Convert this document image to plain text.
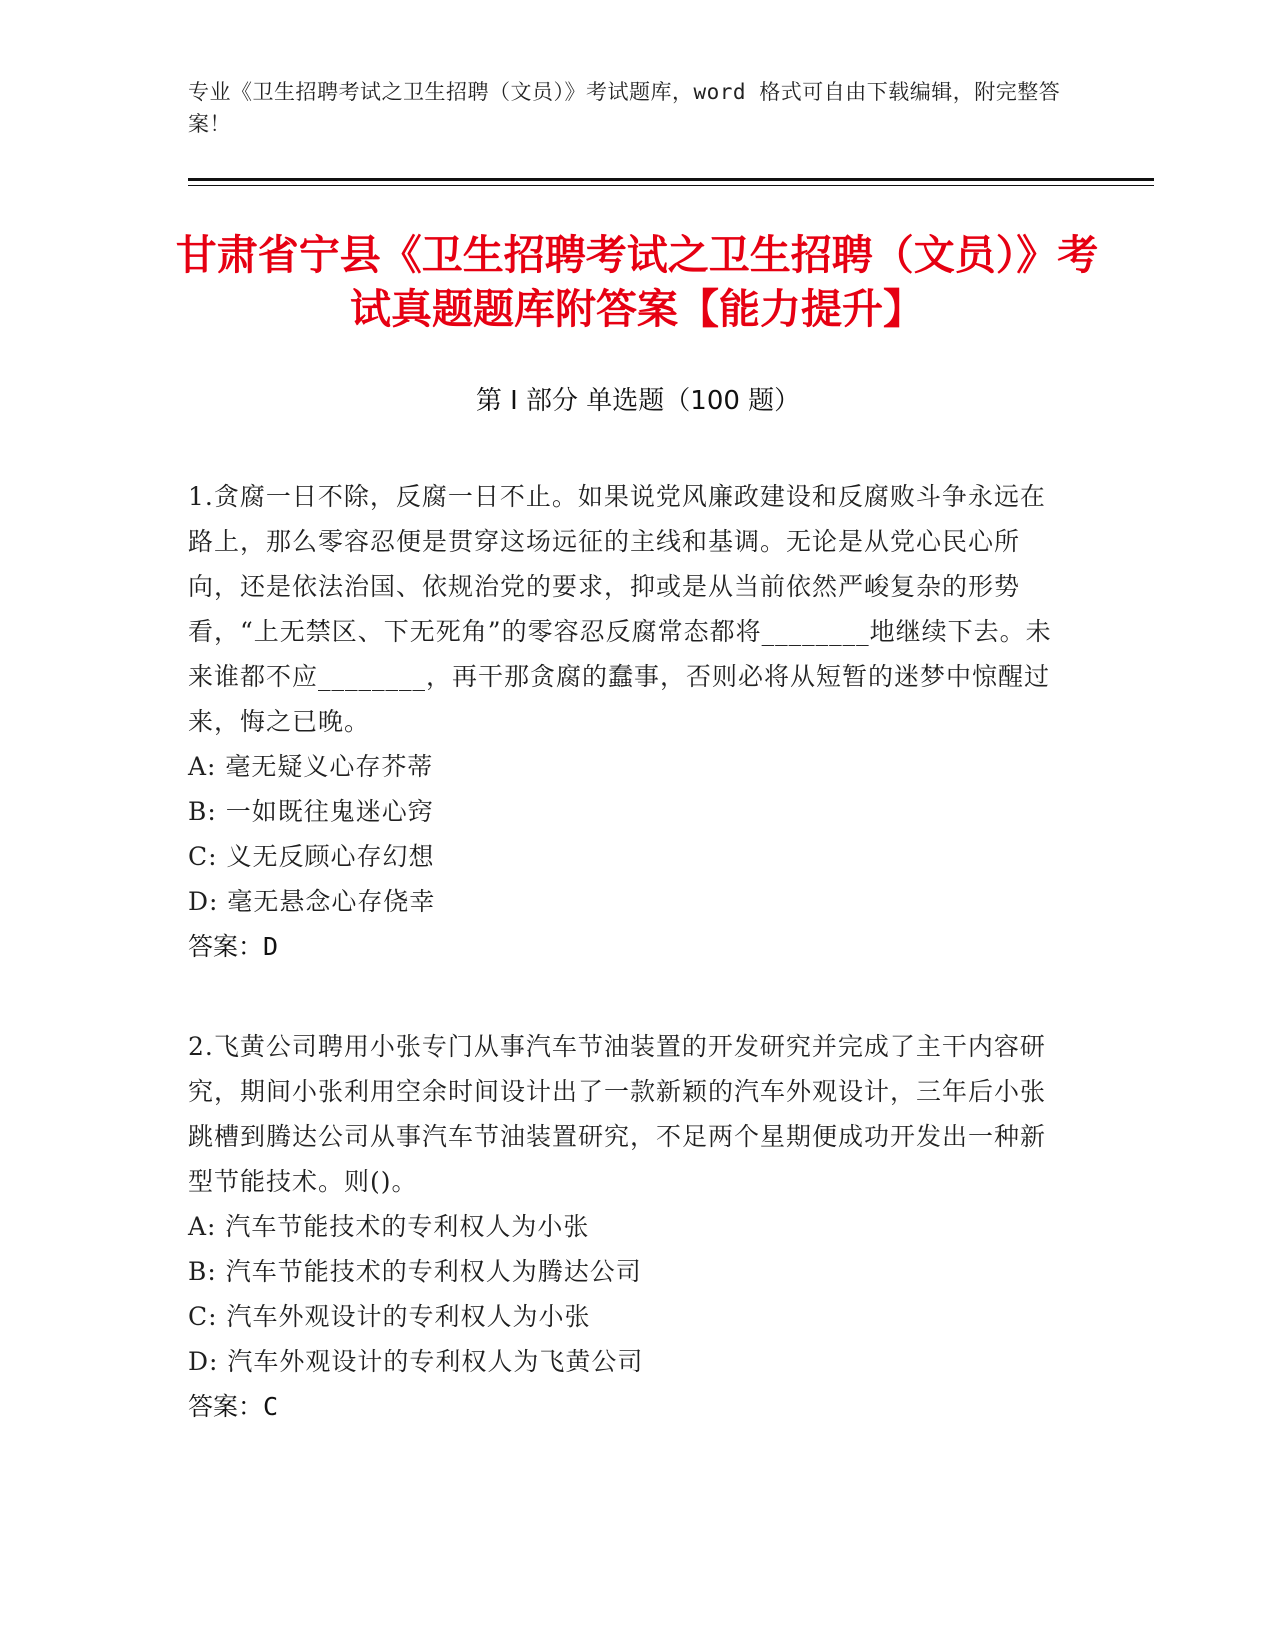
专业《卫生招聘考试之卫生招聘（文员）》考试题库，word 格式可自由下载编辑，附完整答案！
甘肃省宁县《卫生招聘考试之卫生招聘（文员）》考试真题题库附答案【能力提升】
第 I 部分 单选题（100 题）
1.贪腐一日不除，反腐一日不止。如果说党风廉政建设和反腐败斗争永远在路上，那么零容忍便是贯穿这场远征的主线和基调。无论是从党心民心所向，还是依法治国、依规治党的要求，抑或是从当前依然严峻复杂的形势看，“上无禁区、下无死角”的零容忍反腐常态都将________地继续下去。未来谁都不应________，再干那贪腐的蠢事，否则必将从短暂的迷梦中惊醒过来，悔之已晚。
A: 毫无疑义心存芥蒂
B: 一如既往鬼迷心窍
C: 义无反顾心存幻想
D: 毫无悬念心存侥幸
答案：D
2.飞黄公司聘用小张专门从事汽车节油装置的开发研究并完成了主干内容研究，期间小张利用空余时间设计出了一款新颖的汽车外观设计，三年后小张跳槽到腾达公司从事汽车节油装置研究，不足两个星期便成功开发出一种新型节能技术。则()。
A: 汽车节能技术的专利权人为小张
B: 汽车节能技术的专利权人为腾达公司
C: 汽车外观设计的专利权人为小张
D: 汽车外观设计的专利权人为飞黄公司
答案：C
